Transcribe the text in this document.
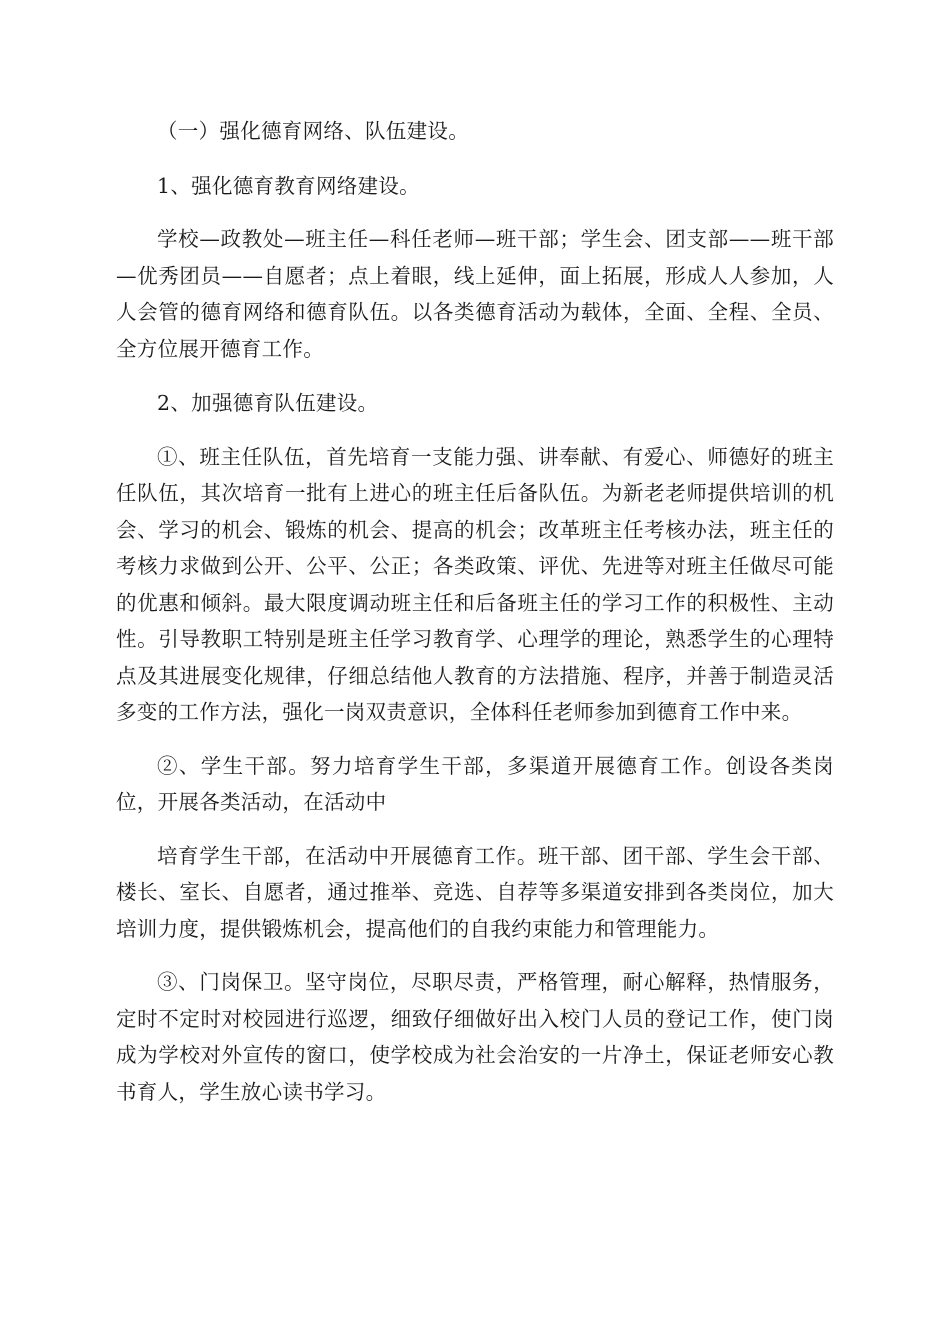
（一）强化德育网络、队伍建设。

1、强化德育教育网络建设。

学校—政教处—班主任—科任老师—班干部；学生会、团支部——班干部—优秀团员——自愿者；点上着眼，线上延伸，面上拓展，形成人人参加，人人会管的德育网络和德育队伍。以各类德育活动为载体，全面、全程、全员、全方位展开德育工作。

2、加强德育队伍建设。

①、班主任队伍，首先培育一支能力强、讲奉献、有爱心、师德好的班主任队伍，其次培育一批有上进心的班主任后备队伍。为新老老师提供培训的机会、学习的机会、锻炼的机会、提高的机会；改革班主任考核办法，班主任的考核力求做到公开、公平、公正；各类政策、评优、先进等对班主任做尽可能的优惠和倾斜。最大限度调动班主任和后备班主任的学习工作的积极性、主动性。引导教职工特别是班主任学习教育学、心理学的理论，熟悉学生的心理特点及其进展变化规律，仔细总结他人教育的方法措施、程序，并善于制造灵活多变的工作方法，强化一岗双责意识，全体科任老师参加到德育工作中来。

②、学生干部。努力培育学生干部，多渠道开展德育工作。创设各类岗位，开展各类活动，在活动中

培育学生干部，在活动中开展德育工作。班干部、团干部、学生会干部、楼长、室长、自愿者，通过推举、竞选、自荐等多渠道安排到各类岗位，加大培训力度，提供锻炼机会，提高他们的自我约束能力和管理能力。

③、门岗保卫。坚守岗位，尽职尽责，严格管理，耐心解释，热情服务，定时不定时对校园进行巡逻，细致仔细做好出入校门人员的登记工作，使门岗成为学校对外宣传的窗口，使学校成为社会治安的一片净土，保证老师安心教书育人，学生放心读书学习。
